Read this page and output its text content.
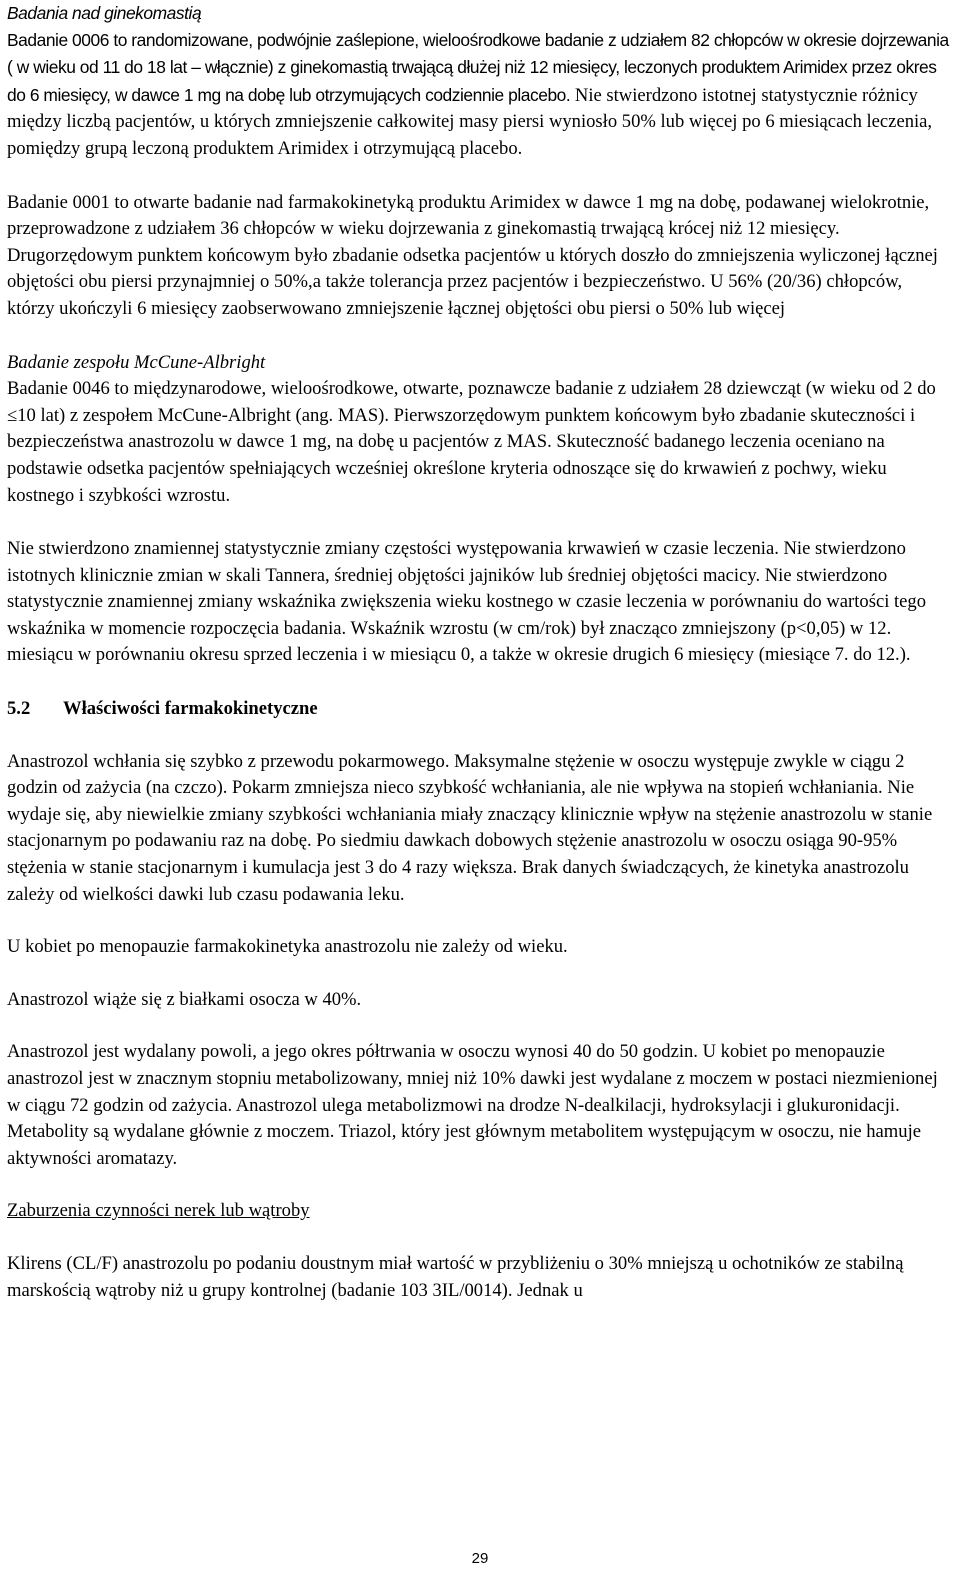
Badania nad ginekomastią

Badanie 0006 to randomizowane, podwójnie zaślepione, wieloośrodkowe badanie z udziałem 82 chłopców w okresie dojrzewania ( w wieku od 11 do 18 lat – włącznie) z ginekomastią trwającą dłużej niż 12 miesięcy, leczonych produktem Arimidex przez okres do 6 miesięcy, w dawce 1 mg na dobę lub otrzymujących codziennie placebo. Nie stwierdzono istotnej statystycznie różnicy między liczbą pacjentów, u których zmniejszenie całkowitej masy piersi wyniosło 50% lub więcej po 6 miesiącach leczenia, pomiędzy grupą leczoną produktem Arimidex i otrzymującą placebo.

Badanie 0001 to otwarte badanie nad farmakokinetyką produktu Arimidex w dawce 1 mg na dobę, podawanej wielokrotnie, przeprowadzone z udziałem 36 chłopców w wieku dojrzewania z ginekomastią trwającą krócej niż 12 miesięcy. Drugorzędowym punktem końcowym było zbadanie odsetka pacjentów u których doszło do zmniejszenia wyliczonej łącznej objętości obu piersi przynajmniej o 50%,a także tolerancja przez pacjentów i bezpieczeństwo. U 56% (20/36) chłopców, którzy ukończyli 6 miesięcy zaobserwowano zmniejszenie łącznej objętości obu piersi o 50% lub więcej

Badanie zespołu McCune-Albright

Badanie 0046 to międzynarodowe, wieloośrodkowe, otwarte, poznawcze badanie z udziałem 28 dziewcząt (w wieku od 2 do ≤10 lat) z zespołem McCune-Albright (ang. MAS). Pierwszorzędowym punktem końcowym było zbadanie skuteczności i bezpieczeństwa anastrozolu w dawce 1 mg, na dobę u pacjentów z MAS. Skuteczność badanego leczenia oceniano na podstawie odsetka pacjentów spełniających wcześniej określone kryteria odnoszące się do krwawień z pochwy, wieku kostnego i szybkości wzrostu.

Nie stwierdzono znamiennej statystycznie zmiany częstości występowania krwawień w czasie leczenia. Nie stwierdzono istotnych klinicznie zmian w skali Tannera, średniej objętości jajników lub średniej objętości macicy. Nie stwierdzono statystycznie znamiennej zmiany wskaźnika zwiększenia wieku kostnego w czasie leczenia w porównaniu do wartości tego wskaźnika w momencie rozpoczęcia badania. Wskaźnik wzrostu (w cm/rok) był znacząco zmniejszony (p<0,05) w 12. miesiącu w porównaniu okresu sprzed leczenia i w miesiącu 0, a także w okresie drugich 6 miesięcy (miesiące 7. do 12.).

5.2 Właściwości farmakokinetyczne

Anastrozol wchłania się szybko z przewodu pokarmowego. Maksymalne stężenie w osoczu występuje zwykle w ciągu 2 godzin od zażycia (na czczo). Pokarm zmniejsza nieco szybkość wchłaniania, ale nie wpływa na stopień wchłaniania. Nie wydaje się, aby niewielkie zmiany szybkości wchłaniania miały znaczący klinicznie wpływ na stężenie anastrozolu w stanie stacjonarnym po podawaniu raz na dobę. Po siedmiu dawkach dobowych stężenie anastrozolu w osoczu osiąga 90-95% stężenia w stanie stacjonarnym i kumulacja jest 3 do 4 razy większa. Brak danych świadczących, że kinetyka anastrozolu zależy od wielkości dawki lub czasu podawania leku.

U kobiet po menopauzie farmakokinetyka anastrozolu nie zależy od wieku.

Anastrozol wiąże się z białkami osocza w 40%.

Anastrozol jest wydalany powoli, a jego okres półtrwania w osoczu wynosi 40 do 50 godzin. U kobiet po menopauzie anastrozol jest w znacznym stopniu metabolizowany, mniej niż 10% dawki jest wydalane z moczem w postaci niezmienionej w ciągu 72 godzin od zażycia. Anastrozol ulega metabolizmowi na drodze N-dealkilacji, hydroksylacji i glukuronidacji. Metabolity są wydalane głównie z moczem. Triazol, który jest głównym metabolitem występującym w osoczu, nie hamuje aktywności aromatazy.

Zaburzenia czynności nerek lub wątroby

Klirens (CL/F) anastrozolu po podaniu doustnym miał wartość w przybliżeniu o 30% mniejszą u ochotników ze stabilną marskością wątroby niż u grupy kontrolnej (badanie 103 3IL/0014). Jednak u

29
